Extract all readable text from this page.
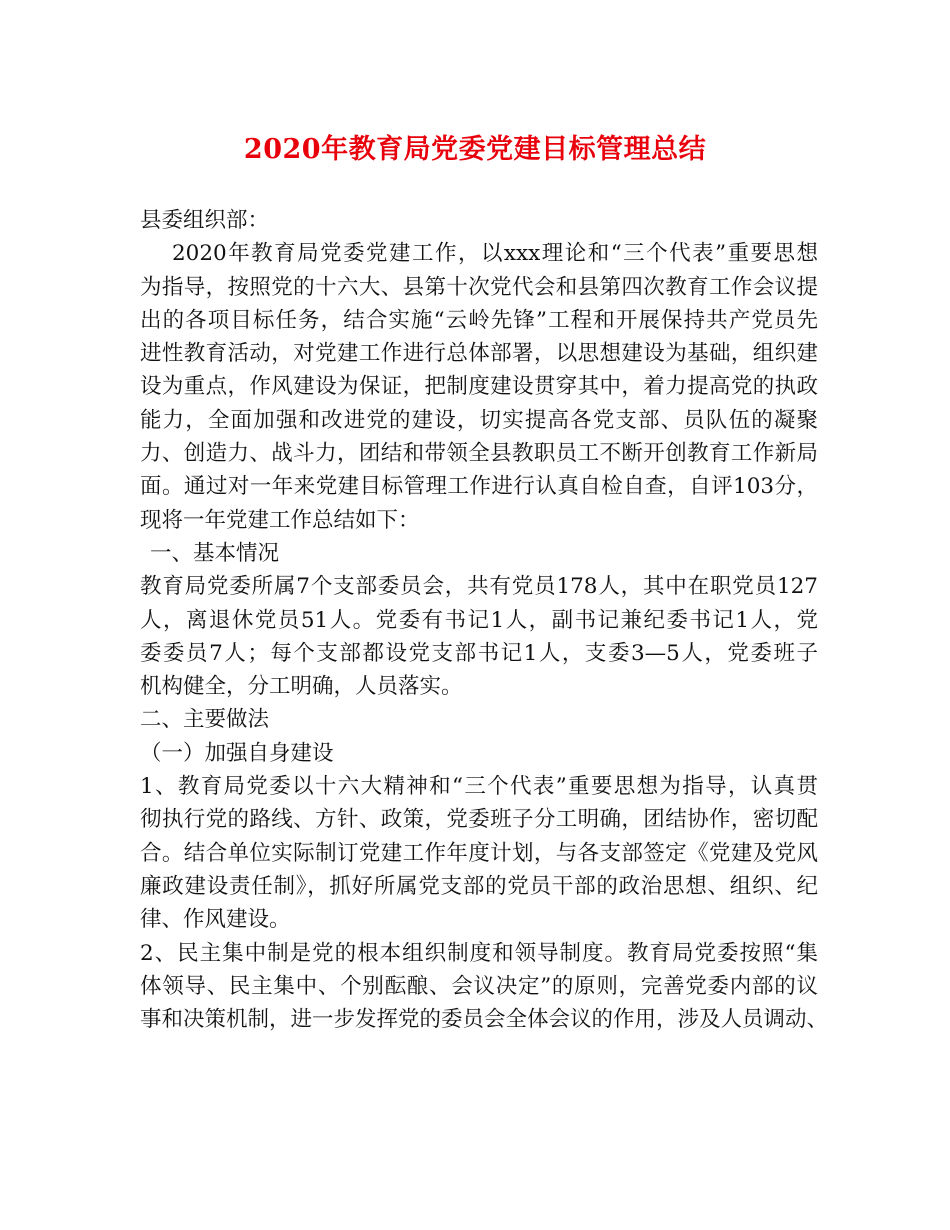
2020年教育局党委党建目标管理总结
县委组织部：
2020年教育局党委党建工作，以xxx理论和“三个代表”重要思想
为指导，按照党的十六大、县第十次党代会和县第四次教育工作会议提
出的各项目标任务，结合实施“云岭先锋”工程和开展保持共产党员先
进性教育活动，对党建工作进行总体部署，以思想建设为基础，组织建
设为重点，作风建设为保证，把制度建设贯穿其中，着力提高党的执政
能力，全面加强和改进党的建设，切实提高各党支部、员队伍的凝聚
力、创造力、战斗力，团结和带领全县教职员工不断开创教育工作新局
面。通过对一年来党建目标管理工作进行认真自检自查，自评103分，
现将一年党建工作总结如下：
一、基本情况
教育局党委所属7个支部委员会，共有党员178人，其中在职党员127
人，离退休党员51人。党委有书记1人，副书记兼纪委书记1人，党
委委员7人；每个支部都设党支部书记1人，支委3—5人，党委班子
机构健全，分工明确，人员落实。
二、主要做法
（一）加强自身建设
1、教育局党委以十六大精神和“三个代表”重要思想为指导，认真贯
彻执行党的路线、方针、政策，党委班子分工明确，团结协作，密切配
合。结合单位实际制订党建工作年度计划，与各支部签定《党建及党风
廉政建设责任制》，抓好所属党支部的党员干部的政治思想、组织、纪
律、作风建设。
2、民主集中制是党的根本组织制度和领导制度。教育局党委按照“集
体领导、民主集中、个别酝酿、会议决定”的原则，完善党委内部的议
事和决策机制，进一步发挥党的委员会全体会议的作用，涉及人员调动、
